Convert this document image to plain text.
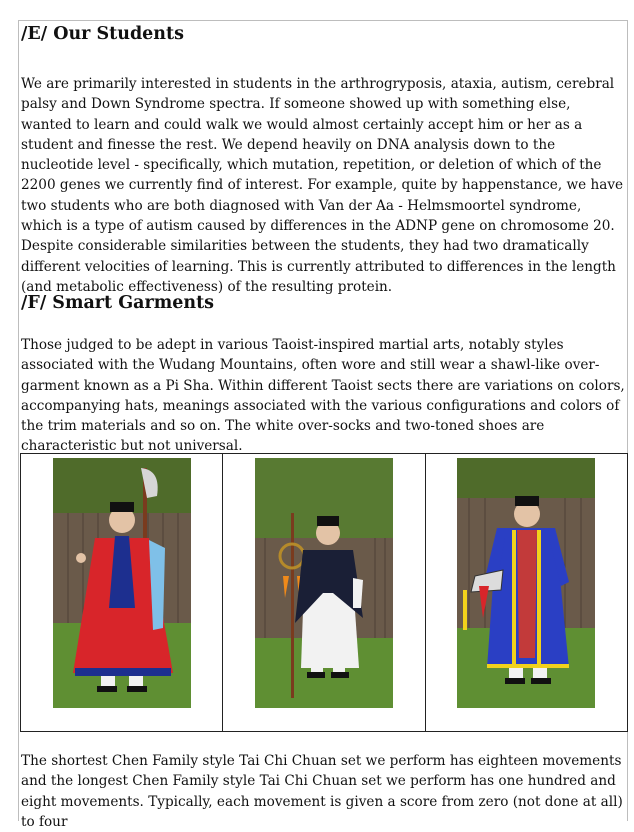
/E/ Our Students

We are primarily interested in students in the arthrogryposis, ataxia, autism, cerebral palsy and Down Syndrome spectra. If someone showed up with something else, wanted to learn and could walk we would almost certainly accept him or her as a student and finesse the rest. We depend heavily on DNA analysis down to the nucleotide level - specifically, which mutation, repetition, or deletion of which of the 2200 genes we currently find of interest. For example, quite by happenstance, we have two students who are both diagnosed with Van der Aa - Helmsmoortel syndrome, which is a type of autism caused by differences in the ADNP gene on chromosome 20. Despite considerable similarities between the students, they had two dramatically different velocities of learning. This is currently attributed to differences in the length (and metabolic effectiveness) of the resulting protein.

/F/ Smart Garments

Those judged to be adept in various Taoist-inspired martial arts, notably styles associated with the Wudang Mountains, often wore and still wear a shawl-like over-garment known as a Pi Sha. Within different Taoist sects there are variations on colors, accompanying hats, meanings associated with the various configurations and colors of the trim materials and so on. The white over-socks and two-toned shoes are characteristic but not universal.

The shortest Chen Family style Tai Chi Chuan set we perform has eighteen movements and the longest Chen Family style Tai Chi Chuan set we perform has one hundred and eight movements. Typically, each movement is given a score from zero (not done at all) to four
